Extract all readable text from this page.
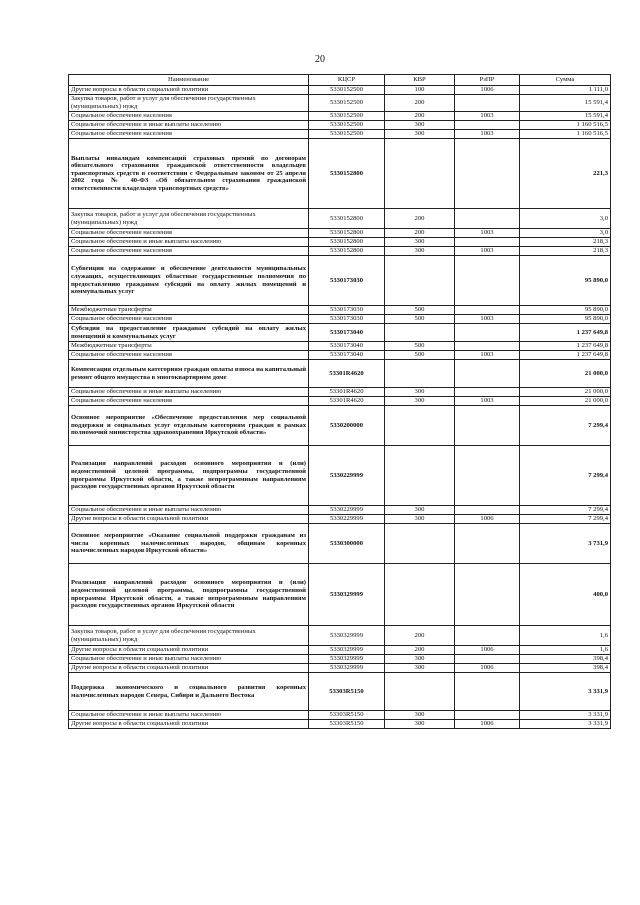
20
Наименование	КЦСР	КВР	РзПР	Сумма
Другие вопросы в области социальной политики	5330152500	100	1006	1 111,0
Закупка товаров, работ и услуг для обеспечения государственных (муниципальных) нужд	5330152500	200		15 591,4
Социальное обеспечение населения	5330152500	200	1003	15 591,4
Социальное обеспечение и иные выплаты населению	5330152500	300		1 160 516,5
Социальное обеспечение населения	5330152500	300	1003	1 160 516,5
Выплаты инвалидам компенсаций страховых премий по договорам обязательного страхования гражданской ответственности владельцев транспортных средств в соответствии с Федеральным законом от 25 апреля 2002 года № 40-ФЗ «Об обязательном страховании гражданской ответственности владельцев транспортных средств»	5330152800			221,3
Закупка товаров, работ и услуг для обеспечения государственных (муниципальных) нужд	5330152800	200		3,0
Социальное обеспечение населения	5330152800	200	1003	3,0
Социальное обеспечение и иные выплаты населению	5330152800	300		218,3
Социальное обеспечение населения	5330152800	300	1003	218,3
Субвенции на содержание и обеспечение деятельности муниципальных служащих, осуществляющих областные государственные полномочия по предоставлению гражданам субсидий на оплату жилых помещений и коммунальных услуг	5330173030			95 890,0
Межбюджетные трансферты	5330173030	500		95 890,0
Социальное обеспечение населения	5330173030	500	1003	95 890,0
Субсидии на предоставление гражданам субсидий на оплату жилых помещений и коммунальных услуг	5330173040			1 237 649,8
Межбюджетные трансферты	5330173040	500		1 237 649,8
Социальное обеспечение населения	5330173040	500	1003	1 237 649,8
Компенсация отдельным категориям граждан оплаты взноса на капитальный ремонт общего имущества в многоквартирном доме	53301R4620			21 000,0
Социальное обеспечение и иные выплаты населению	53301R4620	300		21 000,0
Социальное обеспечение населения	53301R4620	300	1003	21 000,0
Основное мероприятие «Обеспечение предоставления мер социальной поддержки и социальных услуг отдельным категориям граждан в рамках полномочий министерства здравоохранения Иркутской области»	5330200000			7 299,4
Реализация направлений расходов основного мероприятия и (или) ведомственной целевой программы, подпрограммы государственной программы Иркутской области, а также непрограммным направлениям расходов государственных органов Иркутской области	5330229999			7 299,4
Социальное обеспечение и иные выплаты населению	5330229999	300		7 299,4
Другие вопросы в области социальной политики	5330229999	300	1006	7 299,4
Основное мероприятие «Оказание социальной поддержки гражданам из числа коренных малочисленных народов, общинам коренных малочисленных народов Иркутской области»	5330300000			3 731,9
Реализация направлений расходов основного мероприятия и (или) ведомственной целевой программы, подпрограммы государственной программы Иркутской области, а также непрограммным направлениям расходов государственных органов Иркутской области	5330329999			400,0
Закупка товаров, работ и услуг для обеспечения государственных (муниципальных) нужд	5330329999	200		1,6
Другие вопросы в области социальной политики	5330329999	200	1006	1,6
Социальное обеспечение и иные выплаты населению	5330329999	300		398,4
Другие вопросы в области социальной политики	5330329999	300	1006	398,4
Поддержка экономического и социального развития коренных малочисленных народов Севера, Сибири и Дальнего Востока	53303R5150			3 331,9
Социальное обеспечение и иные выплаты населению	53303R5150	300		3 331,9
Другие вопросы в области социальной политики	53303R5150	300	1006	3 331,9
